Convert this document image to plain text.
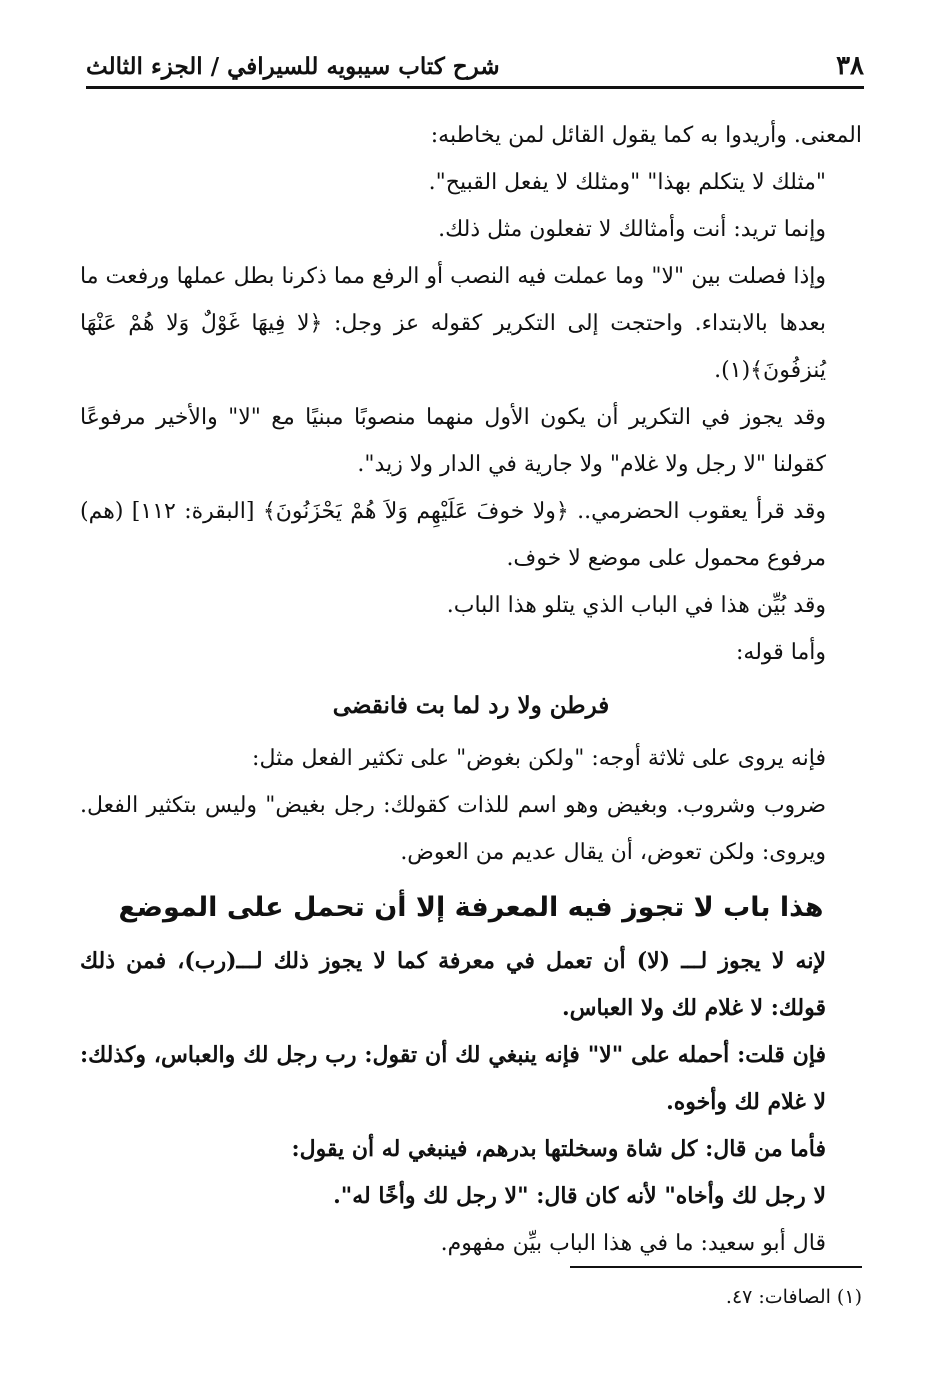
٣٨
شرح كتاب سيبويه للسيرافي / الجزء الثالث

المعنى. وأريدوا به كما يقول القائل لمن يخاطبه:

"مثلك لا يتكلم بهذا" "ومثلك لا يفعل القبيح".

وإنما تريد: أنت وأمثالك لا تفعلون مثل ذلك.

وإذا فصلت بين "لا" وما عملت فيه النصب أو الرفع مما ذكرنا بطل عملها ورفعت ما بعدها بالابتداء. واحتجت إلى التكرير كقوله عز وجل: ﴿لا فِيهَا غَوْلٌ وَلا هُمْ عَنْهَا يُنزفُونَ﴾(١).

وقد يجوز في التكرير أن يكون الأول منهما منصوبًا مبنيًا مع "لا" والأخير مرفوعًا كقولنا "لا رجل ولا غلام" ولا جارية في الدار ولا زيد".

وقد قرأ يعقوب الحضرمي.. ﴿ولا خوفَ عَلَيْهِم وَلاَ هُمْ يَحْزَنُونَ﴾ [البقرة: ١١٢] (هم) مرفوع محمول على موضع لا خوف.

وقد بُيِّن هذا في الباب الذي يتلو هذا الباب.

وأما قوله:

فرطن ولا رد لما بت فانقضى

فإنه يروى على ثلاثة أوجه: "ولكن بغوض" على تكثير الفعل مثل:

ضروب وشروب. وبغيض وهو اسم للذات كقولك: رجل بغيض" وليس بتكثير الفعل. ويروى: ولكن تعوض، أن يقال عديم من العوض.

هذا باب لا تجوز فيه المعرفة إلا أن تحمل على الموضع

لإنه لا يجوز لـــ (لا) أن تعمل في معرفة كما لا يجوز ذلك لـــ(رب)، فمن ذلك قولك: لا غلام لك ولا العباس.

فإن قلت: أحمله على "لا" فإنه ينبغي لك أن تقول: رب رجل لك والعباس، وكذلك: لا غلام لك وأخوه.

فأما من قال: كل شاة وسخلتها بدرهم، فينبغي له أن يقول:

لا رجل لك وأخاه" لأنه كان قال: "لا رجل لك وأخًا له".

قال أبو سعيد: ما في هذا الباب بيِّن مفهوم.

(١) الصافات: ٤٧.
